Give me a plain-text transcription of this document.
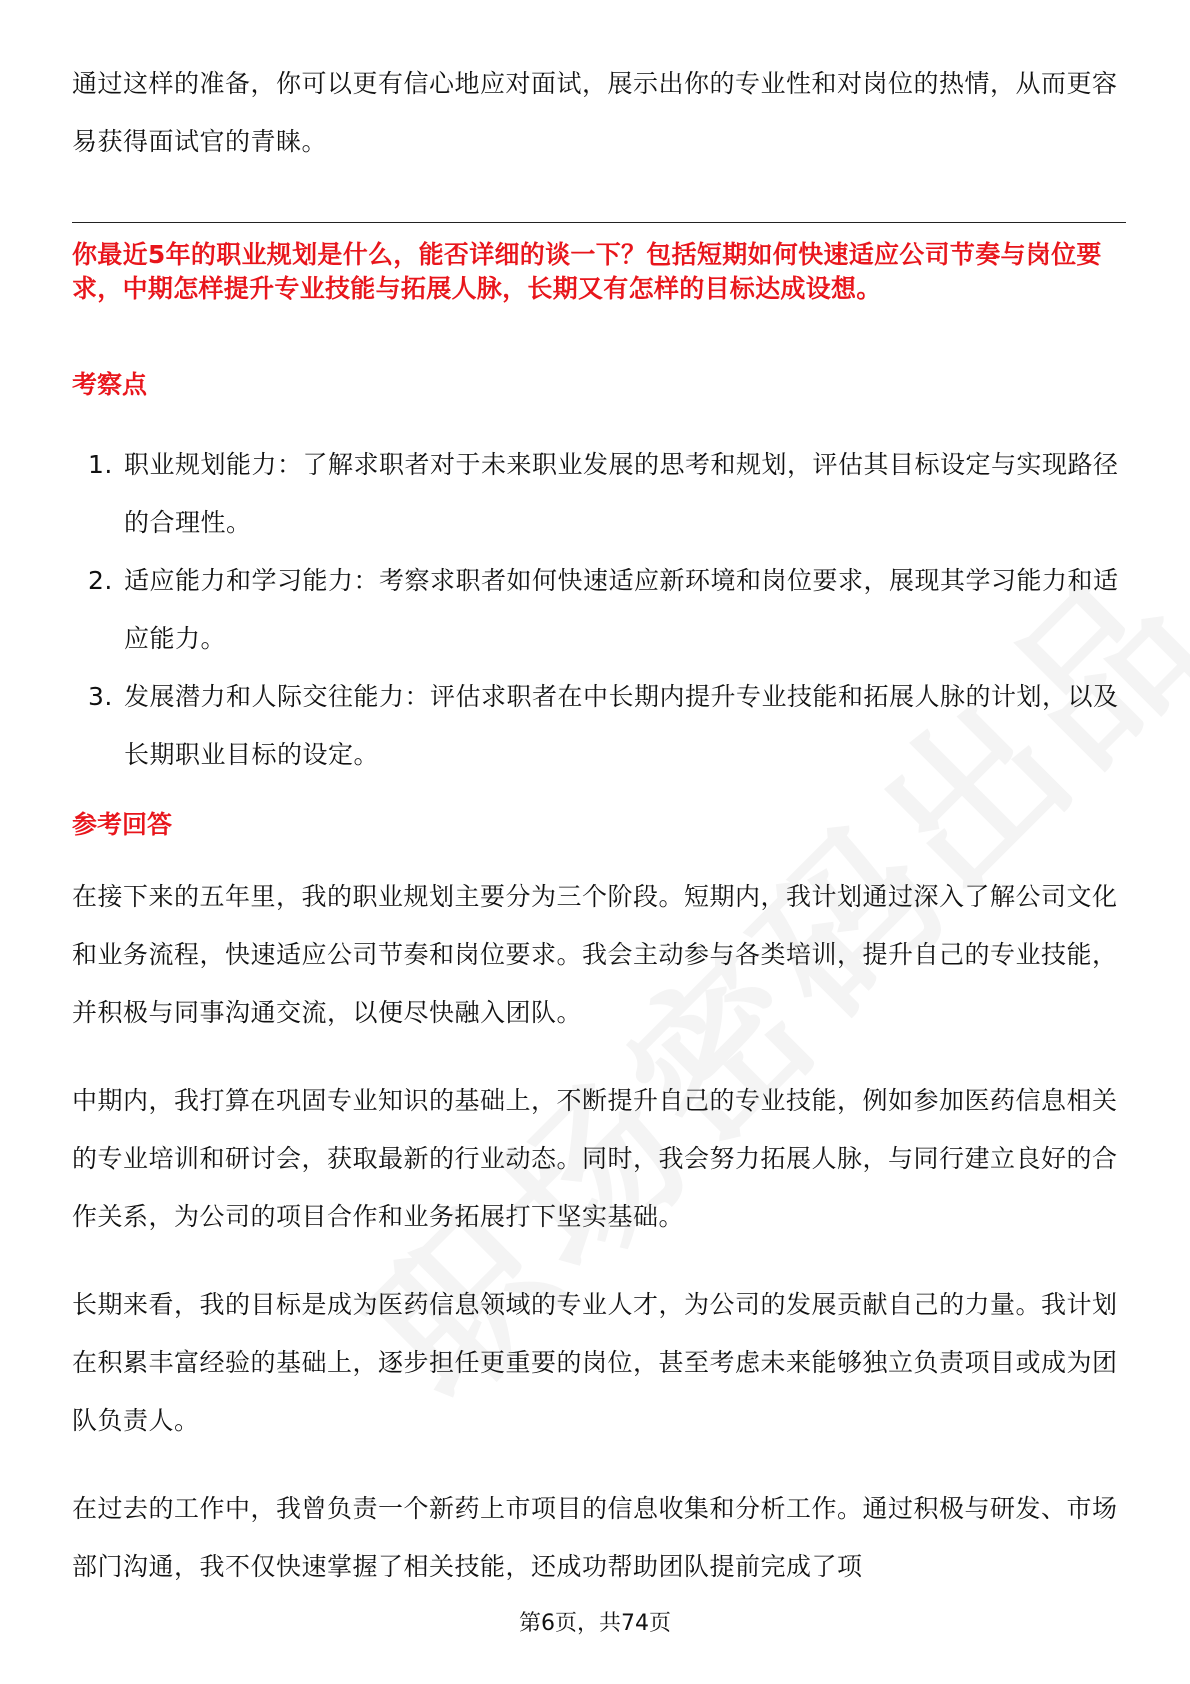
通过这样的准备，你可以更有信心地应对面试，展示出你的专业性和对岗位的热情，从而更容易获得面试官的青睐。

你最近5年的职业规划是什么，能否详细的谈一下？包括短期如何快速适应公司节奏与岗位要求，中期怎样提升专业技能与拓展人脉，长期又有怎样的目标达成设想。

考察点

1. 职业规划能力：了解求职者对于未来职业发展的思考和规划，评估其目标设定与实现路径的合理性。
2. 适应能力和学习能力：考察求职者如何快速适应新环境和岗位要求，展现其学习能力和适应能力。
3. 发展潜力和人际交往能力：评估求职者在中长期内提升专业技能和拓展人脉的计划，以及长期职业目标的设定。

参考回答

在接下来的五年里，我的职业规划主要分为三个阶段。短期内，我计划通过深入了解公司文化和业务流程，快速适应公司节奏和岗位要求。我会主动参与各类培训，提升自己的专业技能，并积极与同事沟通交流，以便尽快融入团队。

中期内，我打算在巩固专业知识的基础上，不断提升自己的专业技能，例如参加医药信息相关的专业培训和研讨会，获取最新的行业动态。同时，我会努力拓展人脉，与同行建立良好的合作关系，为公司的项目合作和业务拓展打下坚实基础。

长期来看，我的目标是成为医药信息领域的专业人才，为公司的发展贡献自己的力量。我计划在积累丰富经验的基础上，逐步担任更重要的岗位，甚至考虑未来能够独立负责项目或成为团队负责人。

在过去的工作中，我曾负责一个新药上市项目的信息收集和分析工作。通过积极与研发、市场部门沟通，我不仅快速掌握了相关技能，还成功帮助团队提前完成了项

第6页，共74页
